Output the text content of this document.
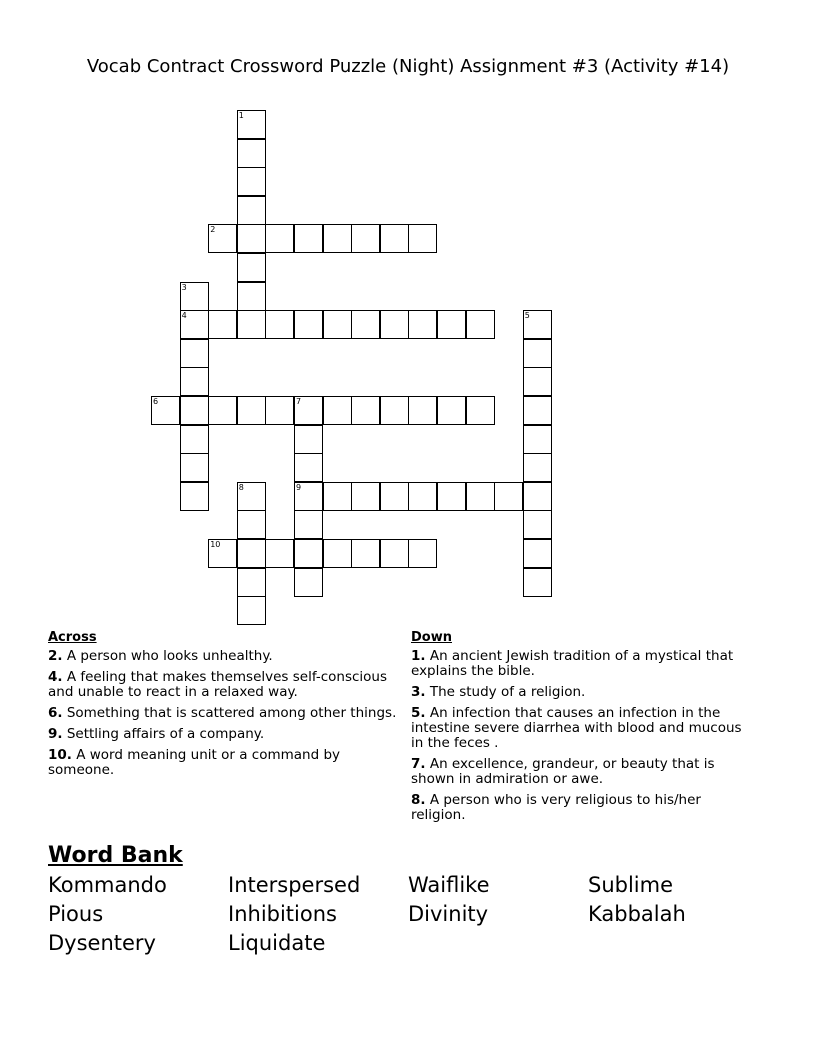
Vocab Contract Crossword Puzzle (Night) Assignment #3 (Activity #14)
1
2
3
4	5
6	7
9
8
10
Across
2. A person who looks unhealthy.
4. A feeling that makes themselves self-conscious and unable to react in a relaxed way.
6. Something that is scattered among other things.
9. Settling affairs of a company.
10. A word meaning unit or a command by someone.
Down
1. An ancient Jewish tradition of a mystical that explains the bible.
3. The study of a religion.
5. An infection that causes an infection in the intestine severe diarrhea with blood and mucous in the feces .
7. An excellence, grandeur, or beauty that is shown in admiration or awe.
8. A person who is very religious to his/her religion.
Word Bank
Kommando	Interspersed	Waiflike	Sublime
Pious	Inhibitions	Divinity	Kabbalah
Dysentery	Liquidate
